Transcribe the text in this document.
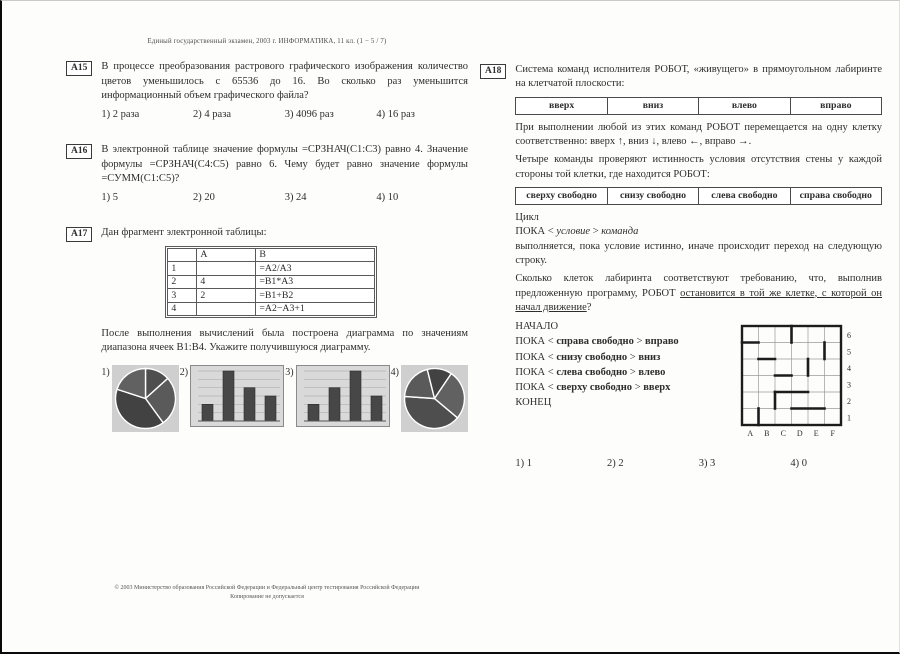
Единый государственный экзамен, 2003 г. ИНФОРМАТИКА, 11 кл. (1 − 5 / 7)
А15	В процессе преобразования растрового графического изображения количество цветов уменьшилось с 65536 до 16. Во сколько раз уменьшится информационный объем графического файла?

1) 2 раза	2) 4 раза	3) 4096 раз	4) 16 раз
А16	В электронной таблице значение формулы =СРЗНАЧ(С1:С3) равно 4. Значение формулы =СРЗНАЧ(С4:С5) равно 6. Чему будет равно значение формулы =СУММ(С1:С5)?

1) 5	2) 20	3) 24	4) 10
А17	Дан фрагмент электронной таблицы:

	А	В
1		=А2/А3
2	4	=В1*А3
3	2	=В1+В2
4		=А2−А3+1

После выполнения вычислений была построена диаграмма по значениям диапазона ячеек В1:В4. Укажите получившуюся диаграмму.

1)	2)	3)	4)
А18	Система команд исполнителя РОБОТ, «живущего» в прямоугольном лабиринте на клетчатой плоскости:

вверх	вниз	влево	вправо

При выполнении любой из этих команд РОБОТ перемещается на одну клетку соответственно: вверх ↑, вниз ↓, влево ←, вправо →.

Четыре команды проверяют истинность условия отсутствия стены у каждой стороны той клетки, где находится РОБОТ:

сверху свободно	снизу свободно	слева свободно	справа свободно

Цикл

ПОКА < условие > команда

выполняется, пока условие истинно, иначе происходит переход на следующую строку.

Сколько клеток лабиринта соответствуют требованию, что, выполнив предложенную программу, РОБОТ остановится в той же клетке, с которой он начал движение?

НАЧАЛО
ПОКА < справа свободно > вправо
ПОКА < снизу свободно > вниз
ПОКА < слева свободно > влево
ПОКА < сверху свободно > вверх
КОНЕЦ
6
5
4
3
2
1
A B C D E F
1) 1	2) 2	3) 3	4) 0
© 2003 Министерство образования Российской Федерации и Федеральный центр тестирования Российской Федерации
Копирование не допускается
